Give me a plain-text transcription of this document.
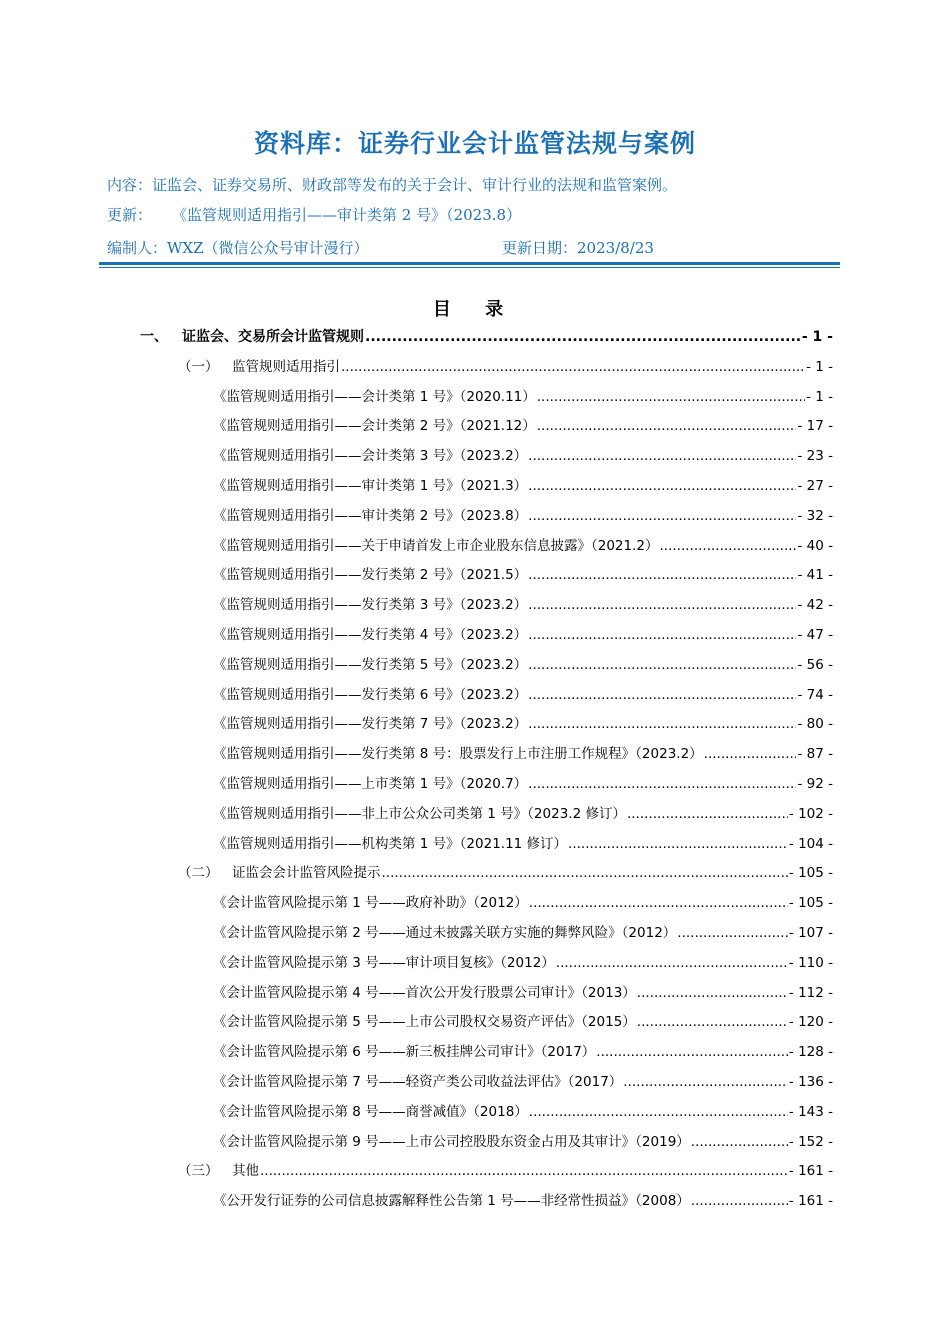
资料库：证券行业会计监管法规与案例
内容：证监会、证券交易所、财政部等发布的关于会计、审计行业的法规和监管案例。
更新： 《监管规则适用指引——审计类第 2 号》（2023.8）
编制人：WXZ（微信公众号审计漫行）	更新日期：2023/8/23
目 录
一、	证监会、交易所会计监管规则 .....	- 1 -
（一）	监管规则适用指引 .....	- 1 -
《监管规则适用指引——会计类第 1 号》（2020.11） .....	- 1 -
《监管规则适用指引——会计类第 2 号》（2021.12） .....	- 17 -
《监管规则适用指引——会计类第 3 号》（2023.2） .....	- 23 -
《监管规则适用指引——审计类第 1 号》（2021.3） .....	- 27 -
《监管规则适用指引——审计类第 2 号》（2023.8） .....	- 32 -
《监管规则适用指引——关于申请首发上市企业股东信息披露》（2021.2） .....	- 40 -
《监管规则适用指引——发行类第 2 号》（2021.5） .....	- 41 -
《监管规则适用指引——发行类第 3 号》（2023.2） .....	- 42 -
《监管规则适用指引——发行类第 4 号》（2023.2） .....	- 47 -
《监管规则适用指引——发行类第 5 号》（2023.2） .....	- 56 -
《监管规则适用指引——发行类第 6 号》（2023.2） .....	- 74 -
《监管规则适用指引——发行类第 7 号》（2023.2） .....	- 80 -
《监管规则适用指引——发行类第 8 号：股票发行上市注册工作规程》（2023.2） .....	- 87 -
《监管规则适用指引——上市类第 1 号》（2020.7） .....	- 92 -
《监管规则适用指引——非上市公众公司类第 1 号》（2023.2 修订） .....	- 102 -
《监管规则适用指引——机构类第 1 号》（2021.11 修订） .....	- 104 -
（二）	证监会会计监管风险提示 .....	- 105 -
《会计监管风险提示第 1 号——政府补助》（2012） .....	- 105 -
《会计监管风险提示第 2 号——通过未披露关联方实施的舞弊风险》（2012） .....	- 107 -
《会计监管风险提示第 3 号——审计项目复核》（2012） .....	- 110 -
《会计监管风险提示第 4 号——首次公开发行股票公司审计》（2013） .....	- 112 -
《会计监管风险提示第 5 号——上市公司股权交易资产评估》（2015） .....	- 120 -
《会计监管风险提示第 6 号——新三板挂牌公司审计》（2017） .....	- 128 -
《会计监管风险提示第 7 号——轻资产类公司收益法评估》（2017） .....	- 136 -
《会计监管风险提示第 8 号——商誉减值》（2018） .....	- 143 -
《会计监管风险提示第 9 号——上市公司控股股东资金占用及其审计》（2019） .....	- 152 -
（三）	其他 .....	- 161 -
《公开发行证券的公司信息披露解释性公告第 1 号——非经常性损益》（2008） .....	- 161 -
